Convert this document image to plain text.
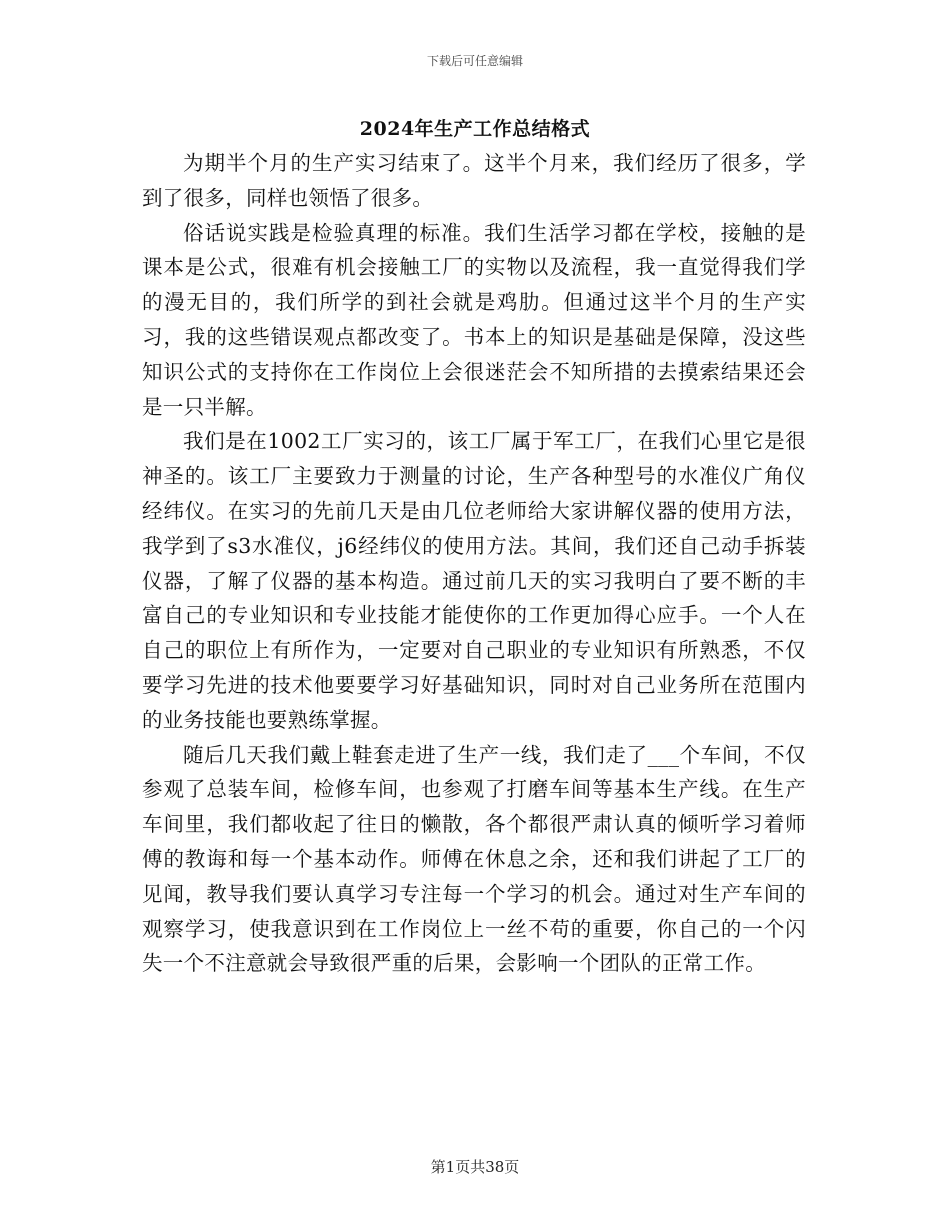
下载后可任意编辑
2024年生产工作总结格式

为期半个月的生产实习结束了。这半个月来，我们经历了很多，学到了很多，同样也领悟了很多。

俗话说实践是检验真理的标准。我们生活学习都在学校，接触的是课本是公式，很难有机会接触工厂的实物以及流程，我一直觉得我们学的漫无目的，我们所学的到社会就是鸡肋。但通过这半个月的生产实习，我的这些错误观点都改变了。书本上的知识是基础是保障，没这些知识公式的支持你在工作岗位上会很迷茫会不知所措的去摸索结果还会是一只半解。

我们是在1002工厂实习的，该工厂属于军工厂，在我们心里它是很神圣的。该工厂主要致力于测量的讨论，生产各种型号的水准仪广角仪经纬仪。在实习的先前几天是由几位老师给大家讲解仪器的使用方法，我学到了s3水准仪，j6经纬仪的使用方法。其间，我们还自己动手拆装仪器，了解了仪器的基本构造。通过前几天的实习我明白了要不断的丰富自己的专业知识和专业技能才能使你的工作更加得心应手。一个人在自己的职位上有所作为，一定要对自己职业的专业知识有所熟悉，不仅要学习先进的技术他要要学习好基础知识，同时对自己业务所在范围内的业务技能也要熟练掌握。

随后几天我们戴上鞋套走进了生产一线，我们走了___个车间，不仅参观了总装车间，检修车间，也参观了打磨车间等基本生产线。在生产车间里，我们都收起了往日的懒散，各个都很严肃认真的倾听学习着师傅的教诲和每一个基本动作。师傅在休息之余，还和我们讲起了工厂的见闻，教导我们要认真学习专注每一个学习的机会。通过对生产车间的观察学习，使我意识到在工作岗位上一丝不苟的重要，你自己的一个闪失一个不注意就会导致很严重的后果，会影响一个团队的正常工作。

第1页共38页
